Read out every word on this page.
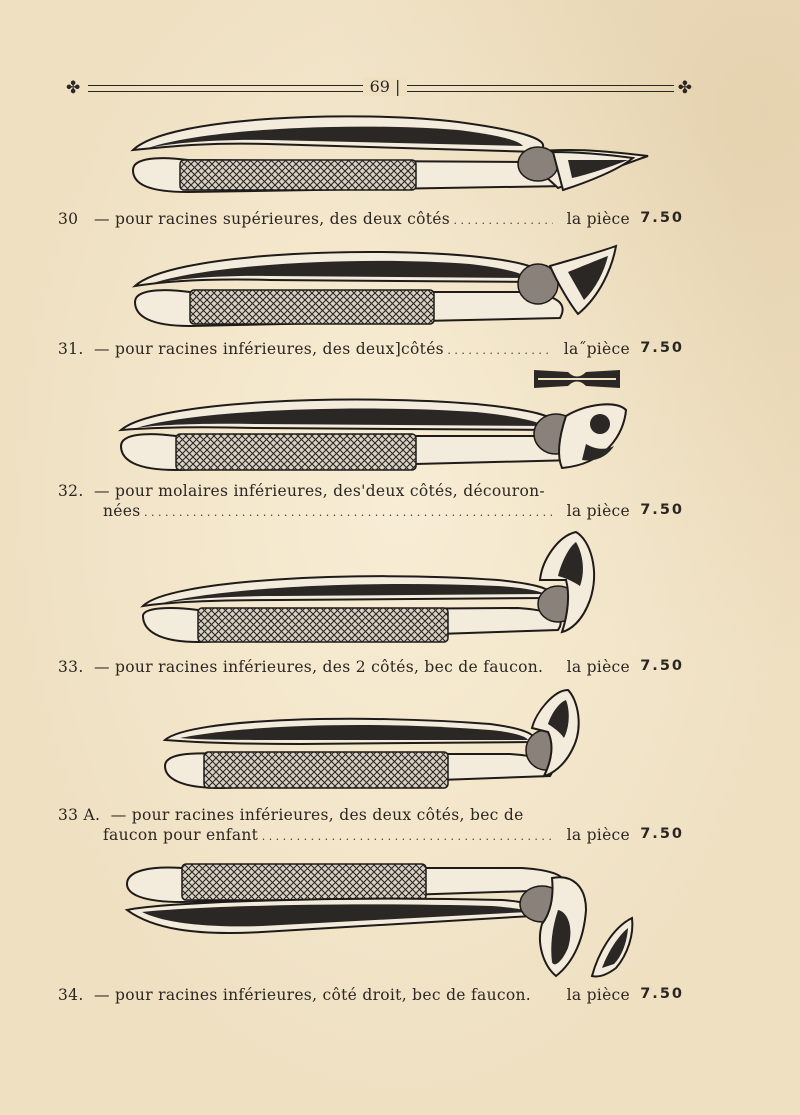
✤	69 |	✤
30 — pour racines supérieures, des deux côtés . . .	la pièce 7.50
31. — pour racines inférieures, des deux]côtés . . .	la˝pièce 7.50
32. — pour molaires inférieures, des'deux côtés, découron-
nées . . .	la pièce 7.50
33. — pour racines inférieures, des 2 côtés, bec de faucon. la pièce 7.50
33 A. — pour racines inférieures, des deux côtés, bec de
faucon pour enfant . . .	la pièce 7.50
34. — pour racines inférieures, côté droit, bec de faucon. la pièce 7.50
